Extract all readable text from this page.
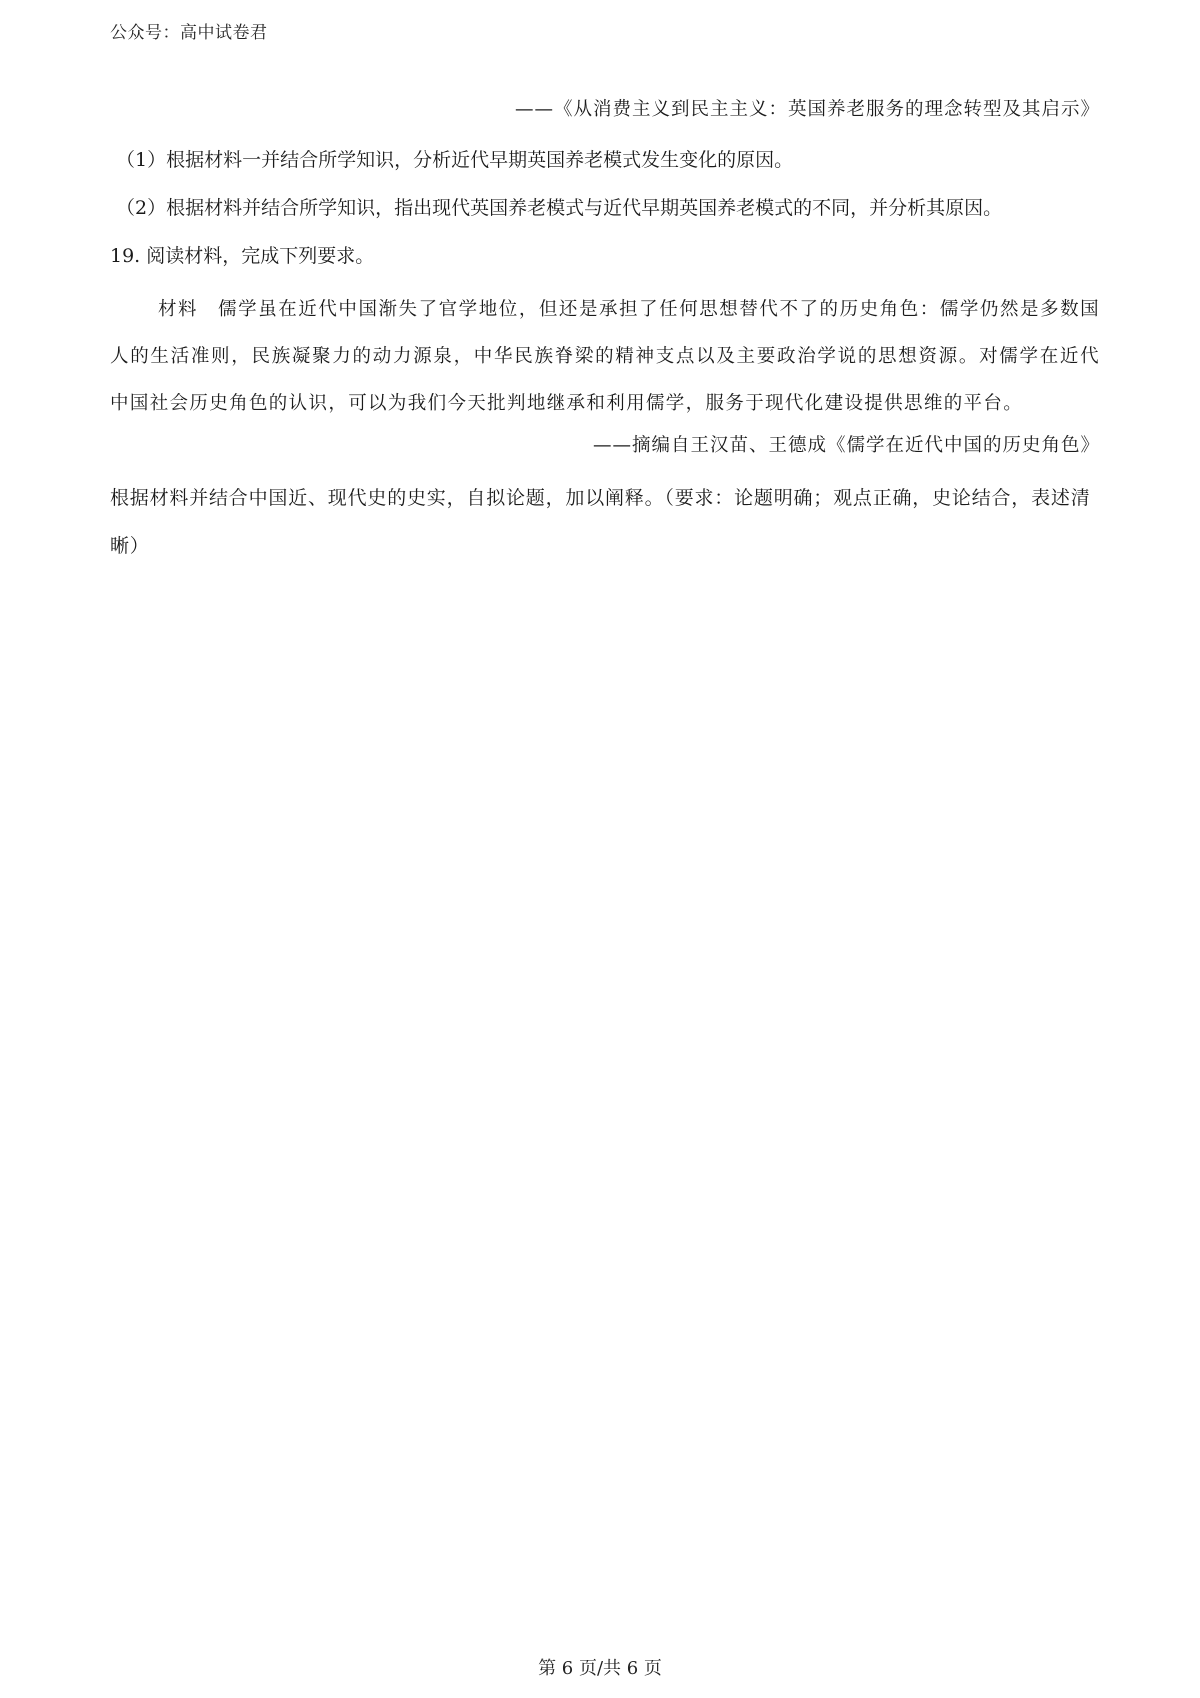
公众号：高中试卷君
——《从消费主义到民主主义：英国养老服务的理念转型及其启示》
（1）根据材料一并结合所学知识，分析近代早期英国养老模式发生变化的原因。
（2）根据材料并结合所学知识，指出现代英国养老模式与近代早期英国养老模式的不同，并分析其原因。
19. 阅读材料，完成下列要求。

材料 儒学虽在近代中国渐失了官学地位，但还是承担了任何思想替代不了的历史角色：儒学仍然是多数国人的生活准则，民族凝聚力的动力源泉，中华民族脊梁的精神支点以及主要政治学说的思想资源。对儒学在近代中国社会历史角色的认识，可以为我们今天批判地继承和利用儒学，服务于现代化建设提供思维的平台。

——摘编自王汉苗、王德成《儒学在近代中国的历史角色》

根据材料并结合中国近、现代史的史实，自拟论题，加以阐释。（要求：论题明确；观点正确，史论结合，表述清晰）

第 6 页/共 6 页
